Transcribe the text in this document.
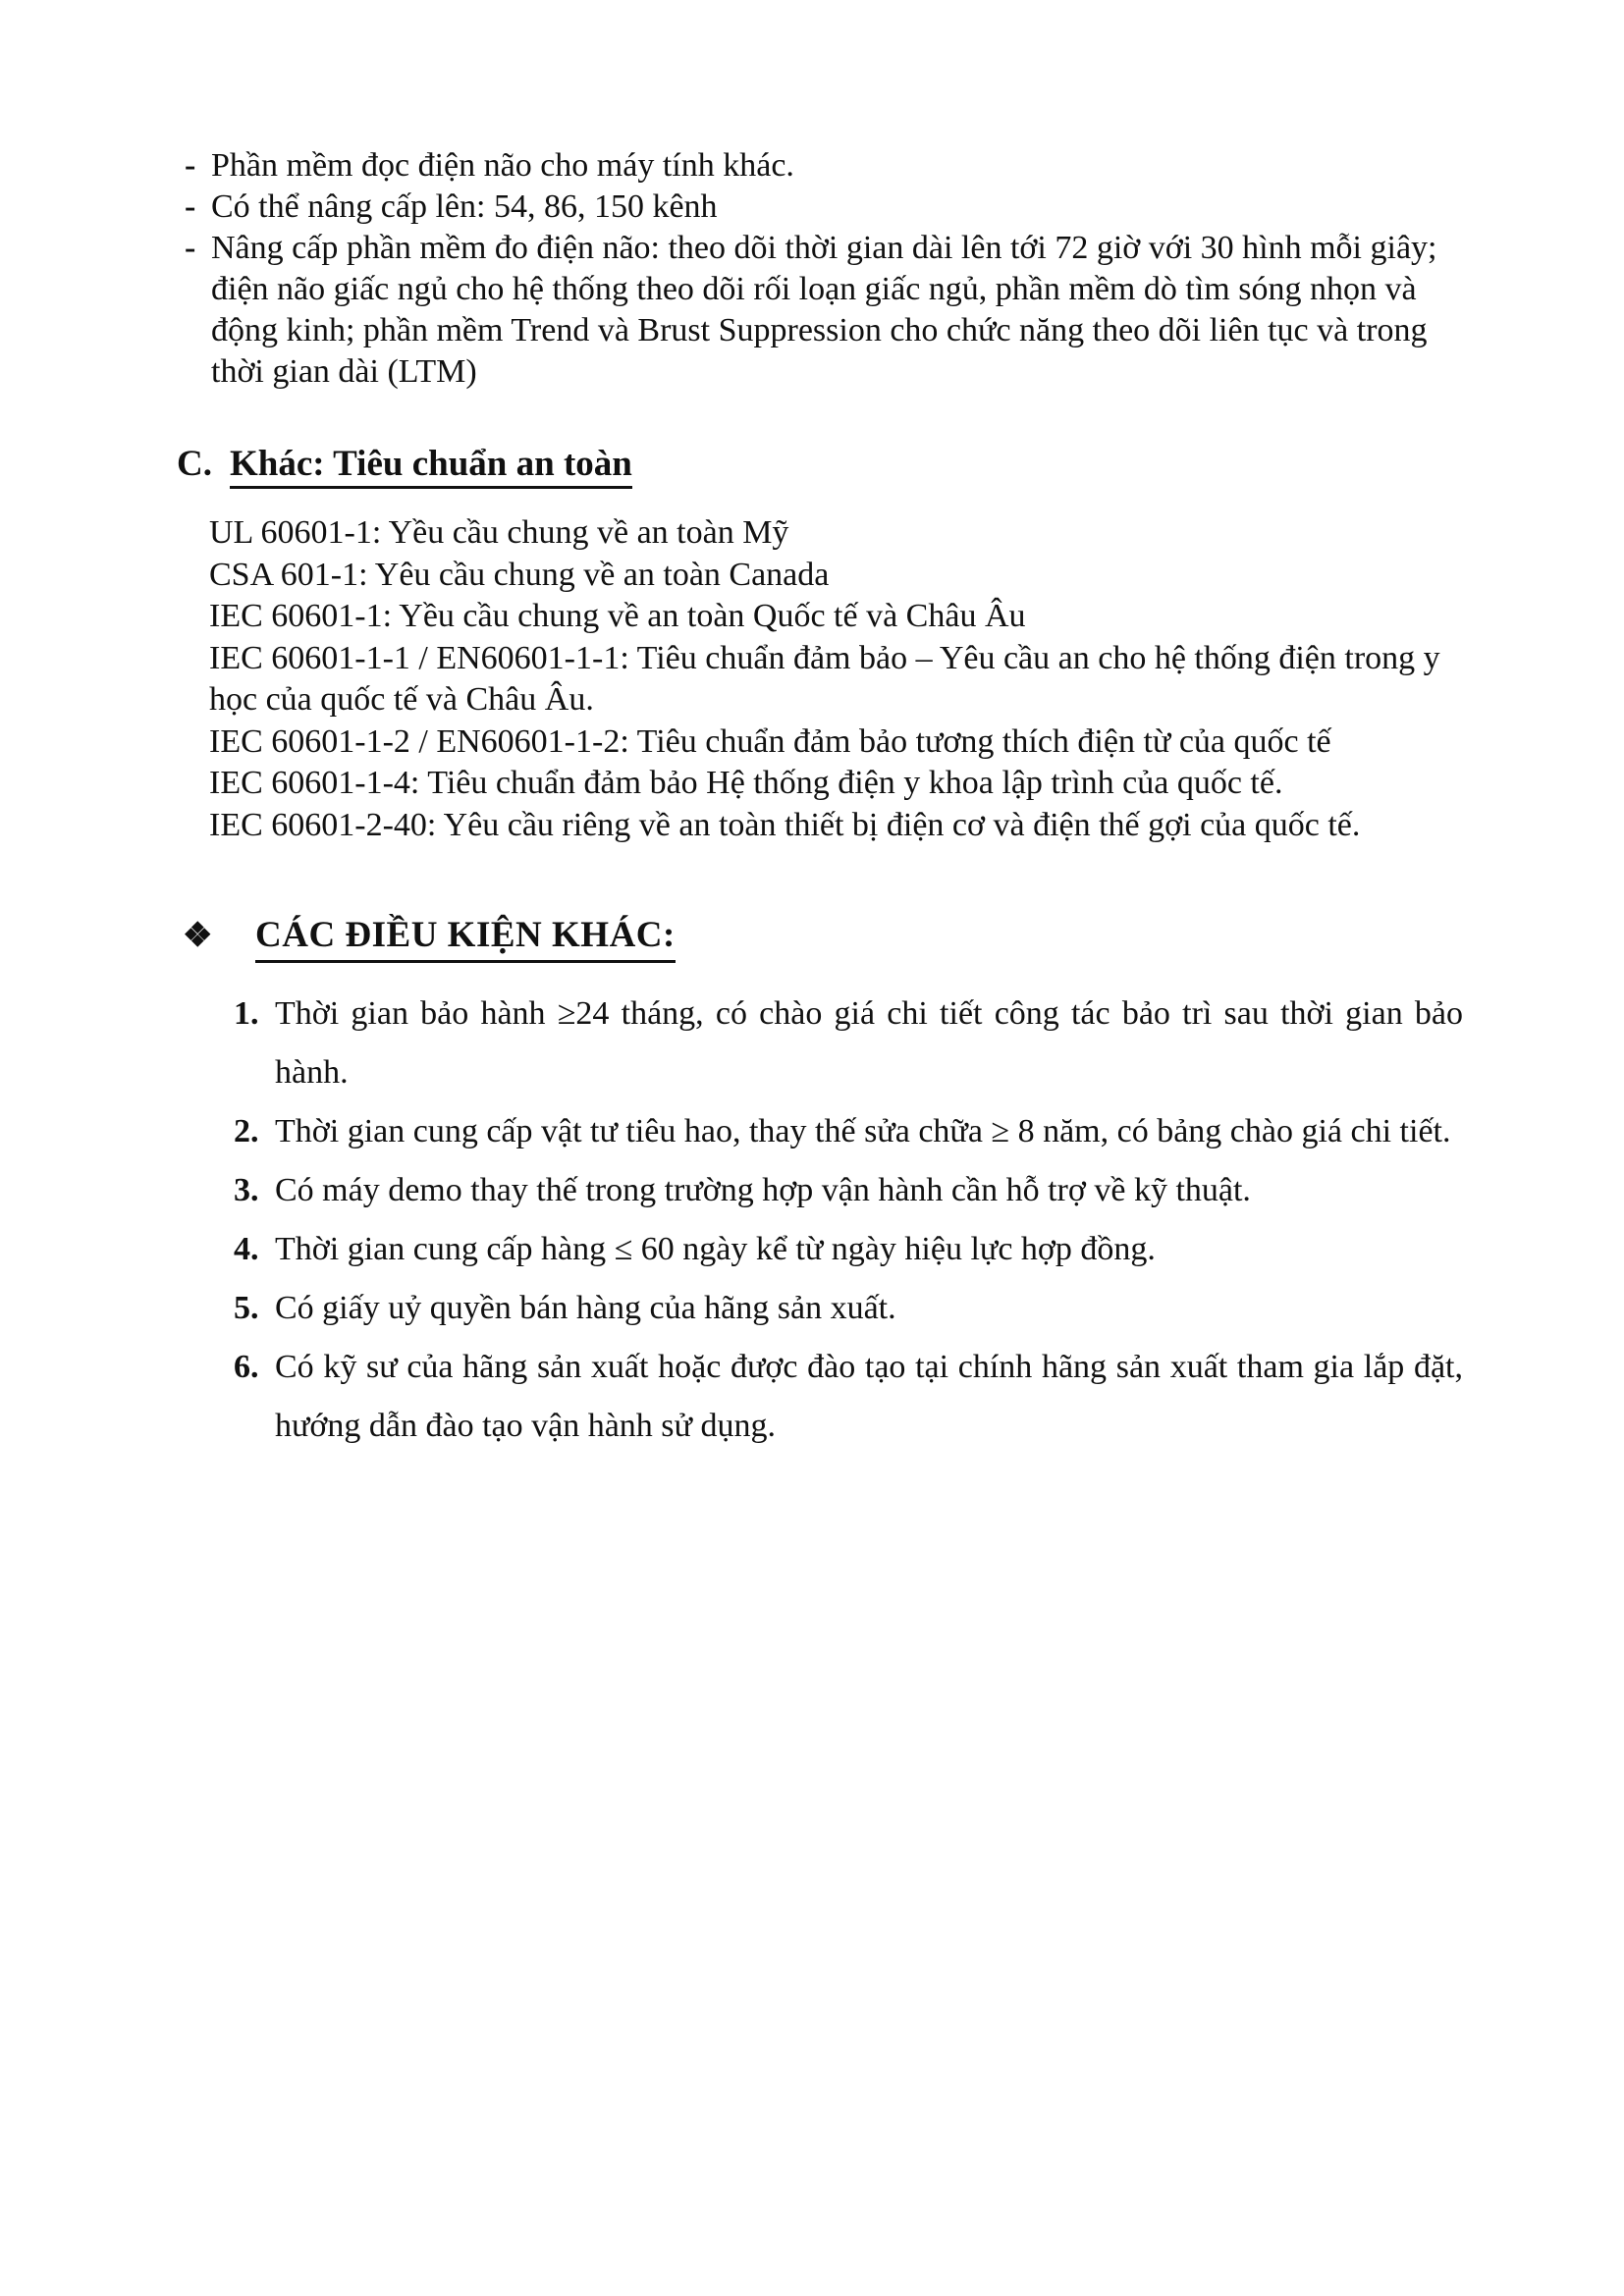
- Phần mềm đọc điện não cho máy tính khác.
- Có thể nâng cấp lên: 54, 86, 150 kênh
- Nâng cấp phần mềm đo điện não: theo dõi thời gian dài lên tới 72 giờ với 30 hình mỗi giây; điện não giấc ngủ cho hệ thống theo dõi rối loạn giấc ngủ, phần mềm dò tìm sóng nhọn và động kinh; phần mềm Trend và Brust Suppression cho chức năng theo dõi liên tục và trong thời gian dài (LTM)
C. Khác: Tiêu chuẩn an toàn
UL 60601-1: Yều cầu chung về an toàn Mỹ
CSA 601-1: Yêu cầu chung về an toàn Canada
IEC 60601-1: Yều cầu chung về an toàn Quốc tế và Châu Âu
IEC 60601-1-1 / EN60601-1-1: Tiêu chuẩn đảm bảo – Yêu cầu an cho hệ thống điện trong y học của quốc tế và Châu Âu.
IEC 60601-1-2 / EN60601-1-2: Tiêu chuẩn đảm bảo tương thích điện từ của quốc tế
IEC 60601-1-4: Tiêu chuẩn đảm bảo Hệ thống điện y khoa lập trình của quốc tế.
IEC 60601-2-40: Yêu cầu riêng về an toàn thiết bị điện cơ và điện thế gợi của quốc tế.
❖	CÁC ĐIỀU KIỆN KHÁC:
1. Thời gian bảo hành ≥24 tháng, có chào giá chi tiết công tác bảo trì sau thời gian bảo hành.
2. Thời gian cung cấp vật tư tiêu hao, thay thế sửa chữa ≥ 8 năm, có bảng chào giá chi tiết.
3. Có máy demo thay thế trong trường hợp vận hành cần hỗ trợ về kỹ thuật.
4. Thời gian cung cấp hàng ≤ 60 ngày kể từ ngày hiệu lực hợp đồng.
5. Có giấy uỷ quyền bán hàng của hãng sản xuất.
6. Có kỹ sư của hãng sản xuất hoặc được đào tạo tại chính hãng sản xuất tham gia lắp đặt, hướng dẫn đào tạo vận hành sử dụng.
